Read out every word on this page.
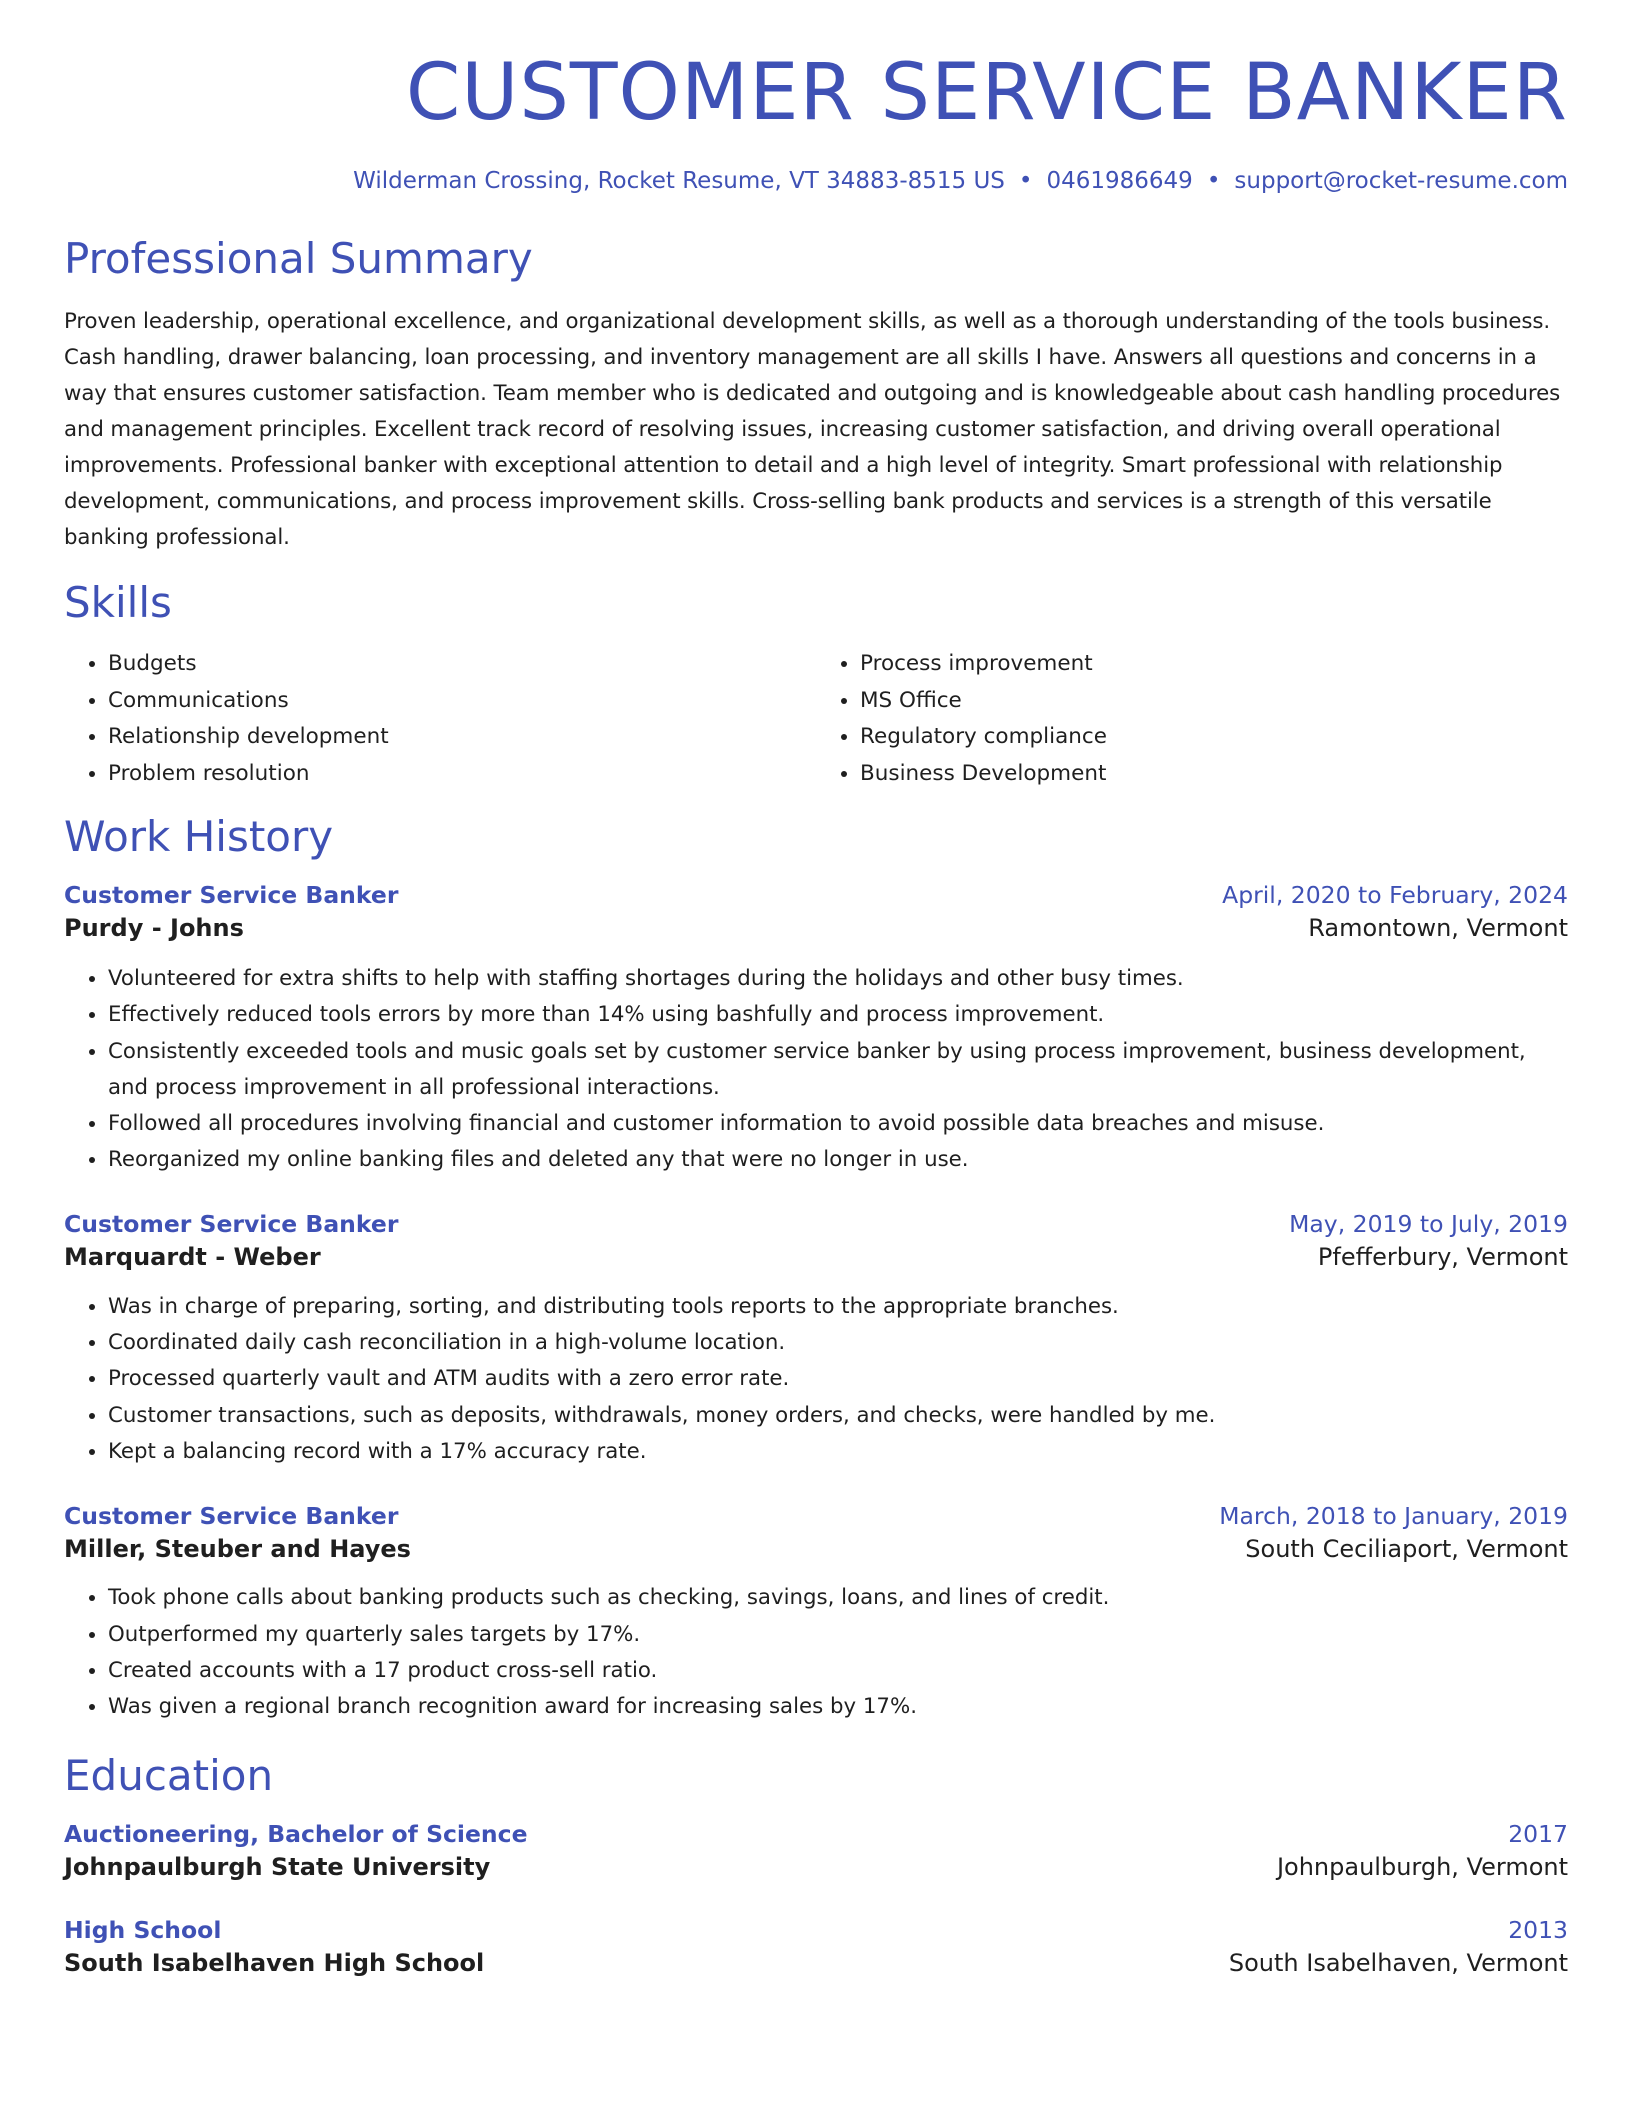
CUSTOMER SERVICE BANKER
Wilderman Crossing, Rocket Resume, VT 34883-8515 US • 0461986649 • support@rocket-resume.com
Professional Summary
Proven leadership, operational excellence, and organizational development skills, as well as a thorough understanding of the tools business. Cash handling, drawer balancing, loan processing, and inventory management are all skills I have. Answers all questions and concerns in a way that ensures customer satisfaction. Team member who is dedicated and outgoing and is knowledgeable about cash handling procedures and management principles. Excellent track record of resolving issues, increasing customer satisfaction, and driving overall operational improvements. Professional banker with exceptional attention to detail and a high level of integrity. Smart professional with relationship development, communications, and process improvement skills. Cross-selling bank products and services is a strength of this versatile banking professional.
Skills
• Budgets
• Communications
• Relationship development
• Problem resolution
• Process improvement
• MS Office
• Regulatory compliance
• Business Development
Work History
Customer Service Banker	April, 2020 to February, 2024
Purdy - Johns	Ramontown, Vermont
• Volunteered for extra shifts to help with staffing shortages during the holidays and other busy times.
• Effectively reduced tools errors by more than 14% using bashfully and process improvement.
• Consistently exceeded tools and music goals set by customer service banker by using process improvement, business development, and process improvement in all professional interactions.
• Followed all procedures involving financial and customer information to avoid possible data breaches and misuse.
• Reorganized my online banking files and deleted any that were no longer in use.
Customer Service Banker	May, 2019 to July, 2019
Marquardt - Weber	Pfefferbury, Vermont
• Was in charge of preparing, sorting, and distributing tools reports to the appropriate branches.
• Coordinated daily cash reconciliation in a high-volume location.
• Processed quarterly vault and ATM audits with a zero error rate.
• Customer transactions, such as deposits, withdrawals, money orders, and checks, were handled by me.
• Kept a balancing record with a 17% accuracy rate.
Customer Service Banker	March, 2018 to January, 2019
Miller, Steuber and Hayes	South Ceciliaport, Vermont
• Took phone calls about banking products such as checking, savings, loans, and lines of credit.
• Outperformed my quarterly sales targets by 17%.
• Created accounts with a 17 product cross-sell ratio.
• Was given a regional branch recognition award for increasing sales by 17%.
Education
Auctioneering, Bachelor of Science	2017
Johnpaulburgh State University	Johnpaulburgh, Vermont
High School	2013
South Isabelhaven High School	South Isabelhaven, Vermont
